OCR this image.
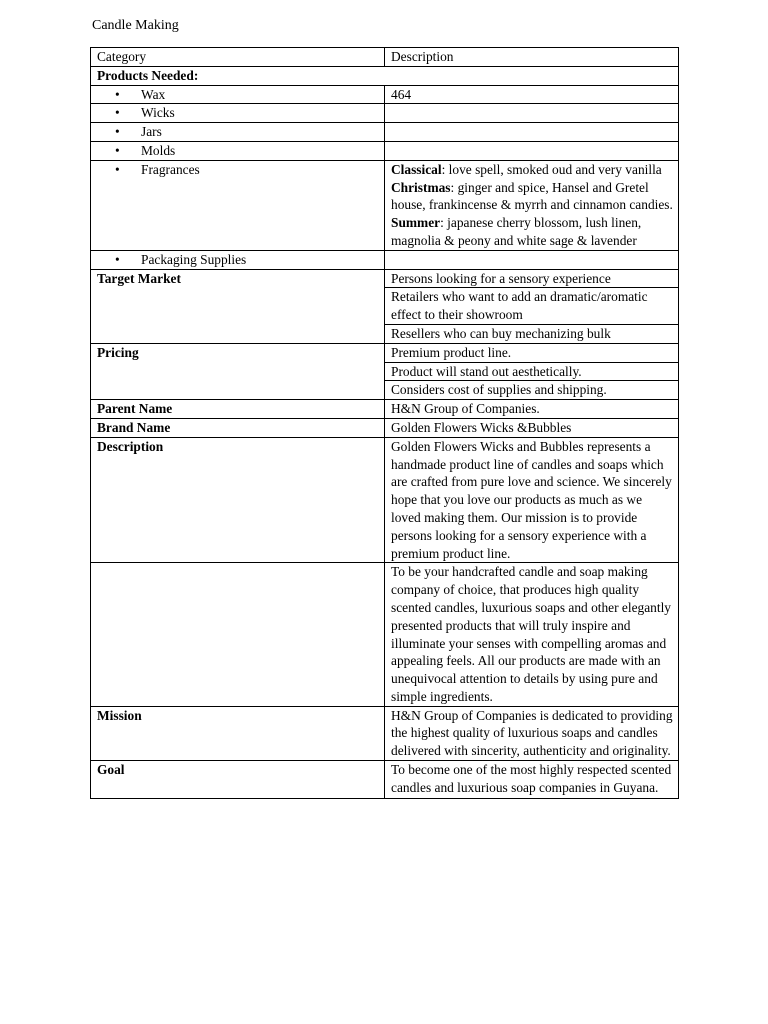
Candle Making
Category	Description
Products Needed:	
• Wax	464
• Wicks	
• Jars	
• Molds	
• Fragrances	Classical: love spell, smoked oud and very vanilla
Christmas: ginger and spice, Hansel and Gretel house, frankincense & myrrh and cinnamon candies.
Summer: japanese cherry blossom, lush linen, magnolia & peony and white sage & lavender

• Packaging Supplies	
Target Market	Persons looking for a sensory experience
Retailers who want to add an dramatic/aromatic effect to their showroom
Resellers who can buy mechanizing bulk

Pricing	Premium product line.
Product will stand out aesthetically.
Considers cost of supplies and shipping.

Parent Name	H&N Group of Companies.
Brand Name	Golden Flowers Wicks &Bubbles
Description	Golden Flowers Wicks and Bubbles represents a handmade product line of candles and soaps which are crafted from pure love and science. We sincerely hope that you love our products as much as we loved making them. Our mission is to provide persons looking for a sensory experience with a premium product line.
	To be your handcrafted candle and soap making company of choice, that produces high quality scented candles, luxurious soaps and other elegantly presented products that will truly inspire and illuminate your senses with compelling aromas and appealing feels. All our products are made with an unequivocal attention to details by using pure and simple ingredients.
Mission	H&N Group of Companies is dedicated to providing the highest quality of luxurious soaps and candles delivered with sincerity, authenticity and originality.
Goal	To become one of the most highly respected scented candles and luxurious soap companies in Guyana.
